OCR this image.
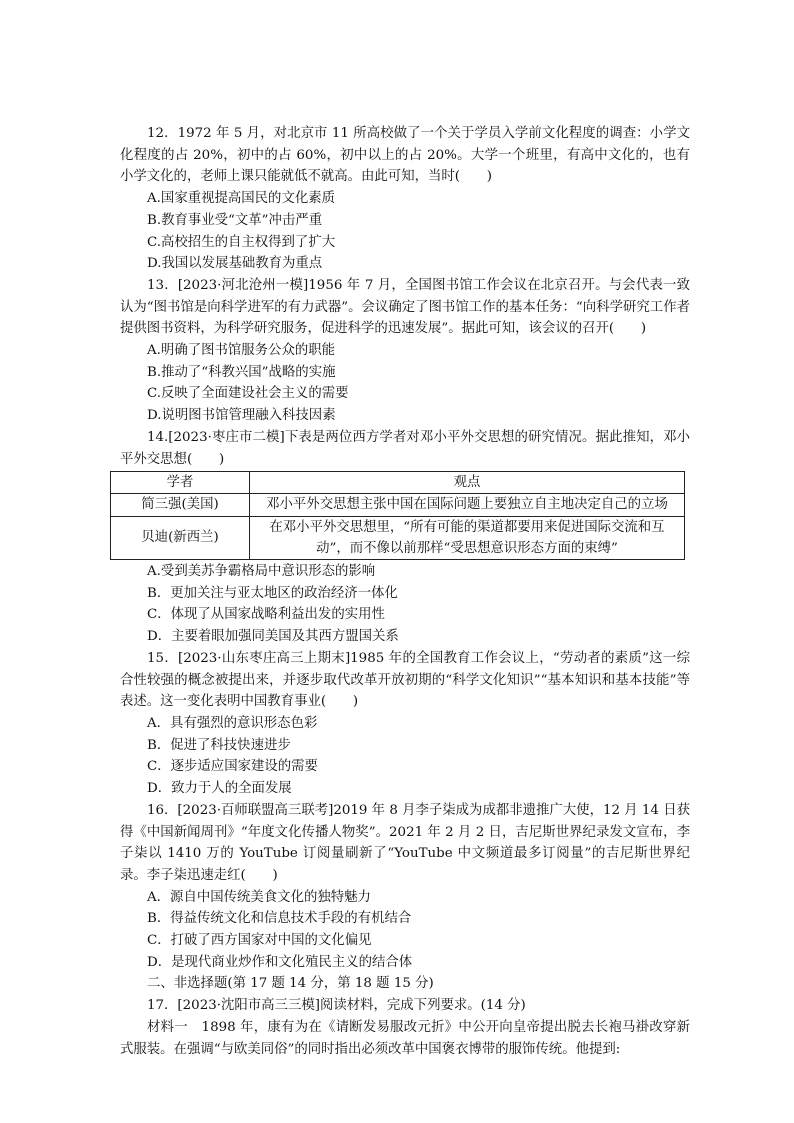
12．1972 年 5 月，对北京市 11 所高校做了一个关于学员入学前文化程度的调查：小学文化程度的占 20%，初中的占 60%，初中以上的占 20%。大学一个班里，有高中文化的，也有小学文化的，老师上课只能就低不就高。由此可知，当时(　　)

A.国家重视提高国民的文化素质

B.教育事业受“文革”冲击严重

C.高校招生的自主权得到了扩大

D.我国以发展基础教育为重点

13．[2023·河北沧州一模]1956 年 7 月，全国图书馆工作会议在北京召开。与会代表一致认为“图书馆是向科学进军的有力武器”。会议确定了图书馆工作的基本任务：“向科学研究工作者提供图书资料，为科学研究服务，促进科学的迅速发展”。据此可知，该会议的召开(　　)

A.明确了图书馆服务公众的职能

B.推动了“科教兴国”战略的实施

C.反映了全面建设社会主义的需要

D.说明图书馆管理融入科技因素

14.[2023·枣庄市二模]下表是两位西方学者对邓小平外交思想的研究情况。据此推知，邓小平外交思想(　　)

学者	观点
简三强(美国)	邓小平外交思想主张中国在国际问题上要独立自主地决定自己的立场
贝迪(新西兰)	在邓小平外交思想里，“所有可能的渠道都要用来促进国际交流和互动”，而不像以前那样“受思想意识形态方面的束缚”

A.受到美苏争霸格局中意识形态的影响

B．更加关注与亚太地区的政治经济一体化

C．体现了从国家战略利益出发的实用性

D．主要着眼加强同美国及其西方盟国关系

15．[2023·山东枣庄高三上期末]1985 年的全国教育工作会议上，“劳动者的素质”这一综合性较强的概念被提出来，并逐步取代改革开放初期的“科学文化知识”“基本知识和基本技能”等表述。这一变化表明中国教育事业(　　)

A．具有强烈的意识形态色彩

B．促进了科技快速进步

C．逐步适应国家建设的需要

D．致力于人的全面发展

16．[2023·百师联盟高三联考]2019 年 8 月李子柒成为成都非遗推广大使，12 月 14 日获得《中国新闻周刊》“年度文化传播人物奖”。2021 年 2 月 2 日，吉尼斯世界纪录发文宣布，李子柒以 1410 万的 YouTube 订阅量刷新了“YouTube 中文频道最多订阅量”的吉尼斯世界纪录。李子柒迅速走红(　　)

A．源自中国传统美食文化的独特魅力

B．得益传统文化和信息技术手段的有机结合

C．打破了西方国家对中国的文化偏见

D．是现代商业炒作和文化殖民主义的结合体

二、非选择题(第 17 题 14 分，第 18 题 15 分)

17．[2023·沈阳市高三三模]阅读材料，完成下列要求。(14 分)

材料一　1898 年，康有为在《请断发易服改元折》中公开向皇帝提出脱去长袍马褂改穿新式服装。在强调“与欧美同俗”的同时指出必须改革中国褒衣博带的服饰传统。他提到:
